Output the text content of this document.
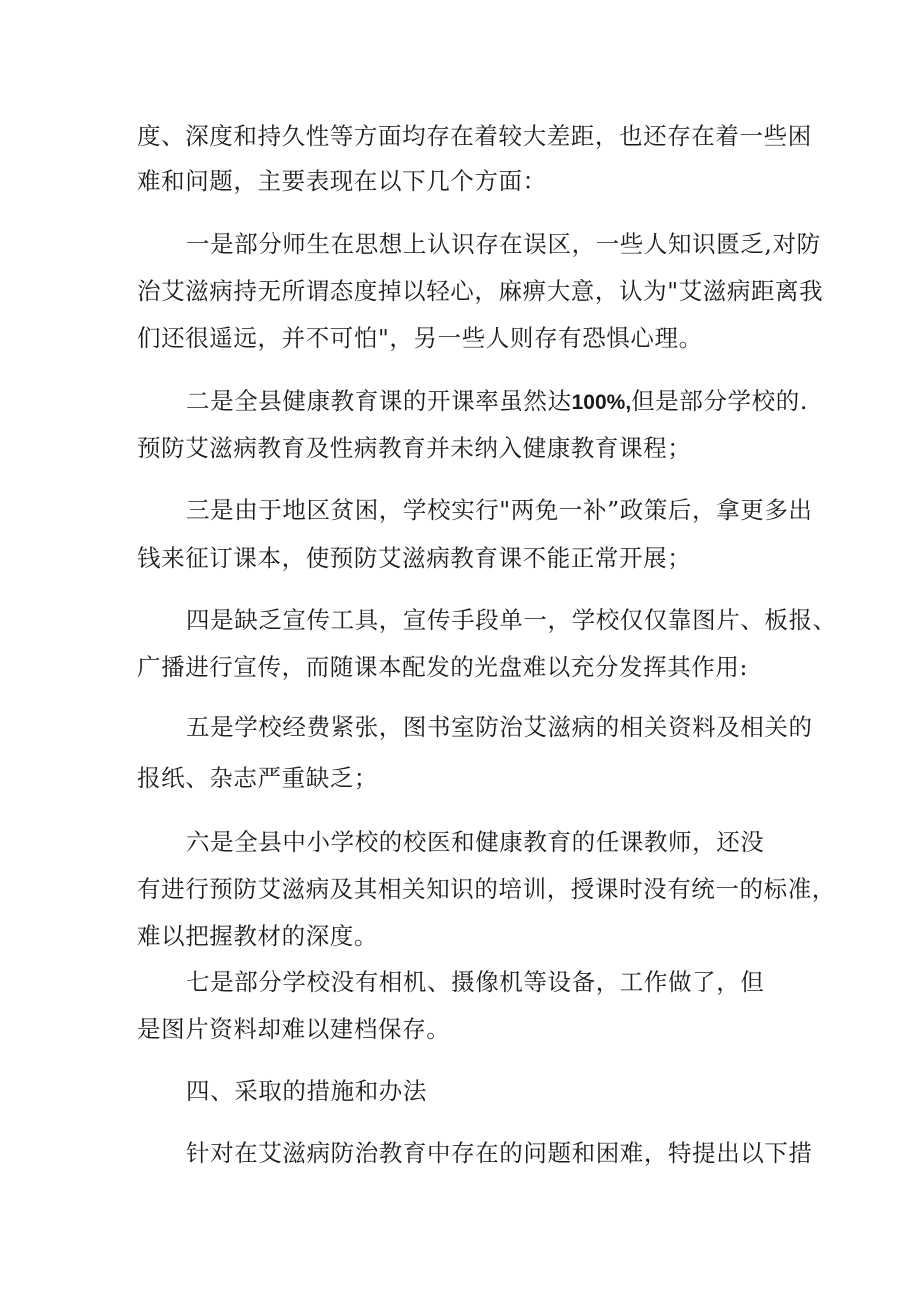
度、深度和持久性等方面均存在着较大差距，也还存在着一些困
难和问题，主要表现在以下几个方面：
一是部分师生在思想上认识存在误区，一些人知识匮乏,对防
治艾滋病持无所谓态度掉以轻心，麻痹大意，认为"艾滋病距离我
们还很遥远，并不可怕"，另一些人则存有恐惧心理。
二是全县健康教育课的开课率虽然达100%,但是部分学校的.
预防艾滋病教育及性病教育并未纳入健康教育课程；
三是由于地区贫困，学校实行"两免一补”政策后，拿更多出
钱来征订课本，使预防艾滋病教育课不能正常开展；
四是缺乏宣传工具，宣传手段单一，学校仅仅靠图片、板报、
广播进行宣传，而随课本配发的光盘难以充分发挥其作用:
五是学校经费紧张，图书室防治艾滋病的相关资料及相关的
报纸、杂志严重缺乏；
六是全县中小学校的校医和健康教育的任课教师，还没
有进行预防艾滋病及其相关知识的培训，授课时没有统一的标准，
难以把握教材的深度。
七是部分学校没有相机、摄像机等设备，工作做了，但
是图片资料却难以建档保存。
四、采取的措施和办法
针对在艾滋病防治教育中存在的问题和困难，特提出以下措
